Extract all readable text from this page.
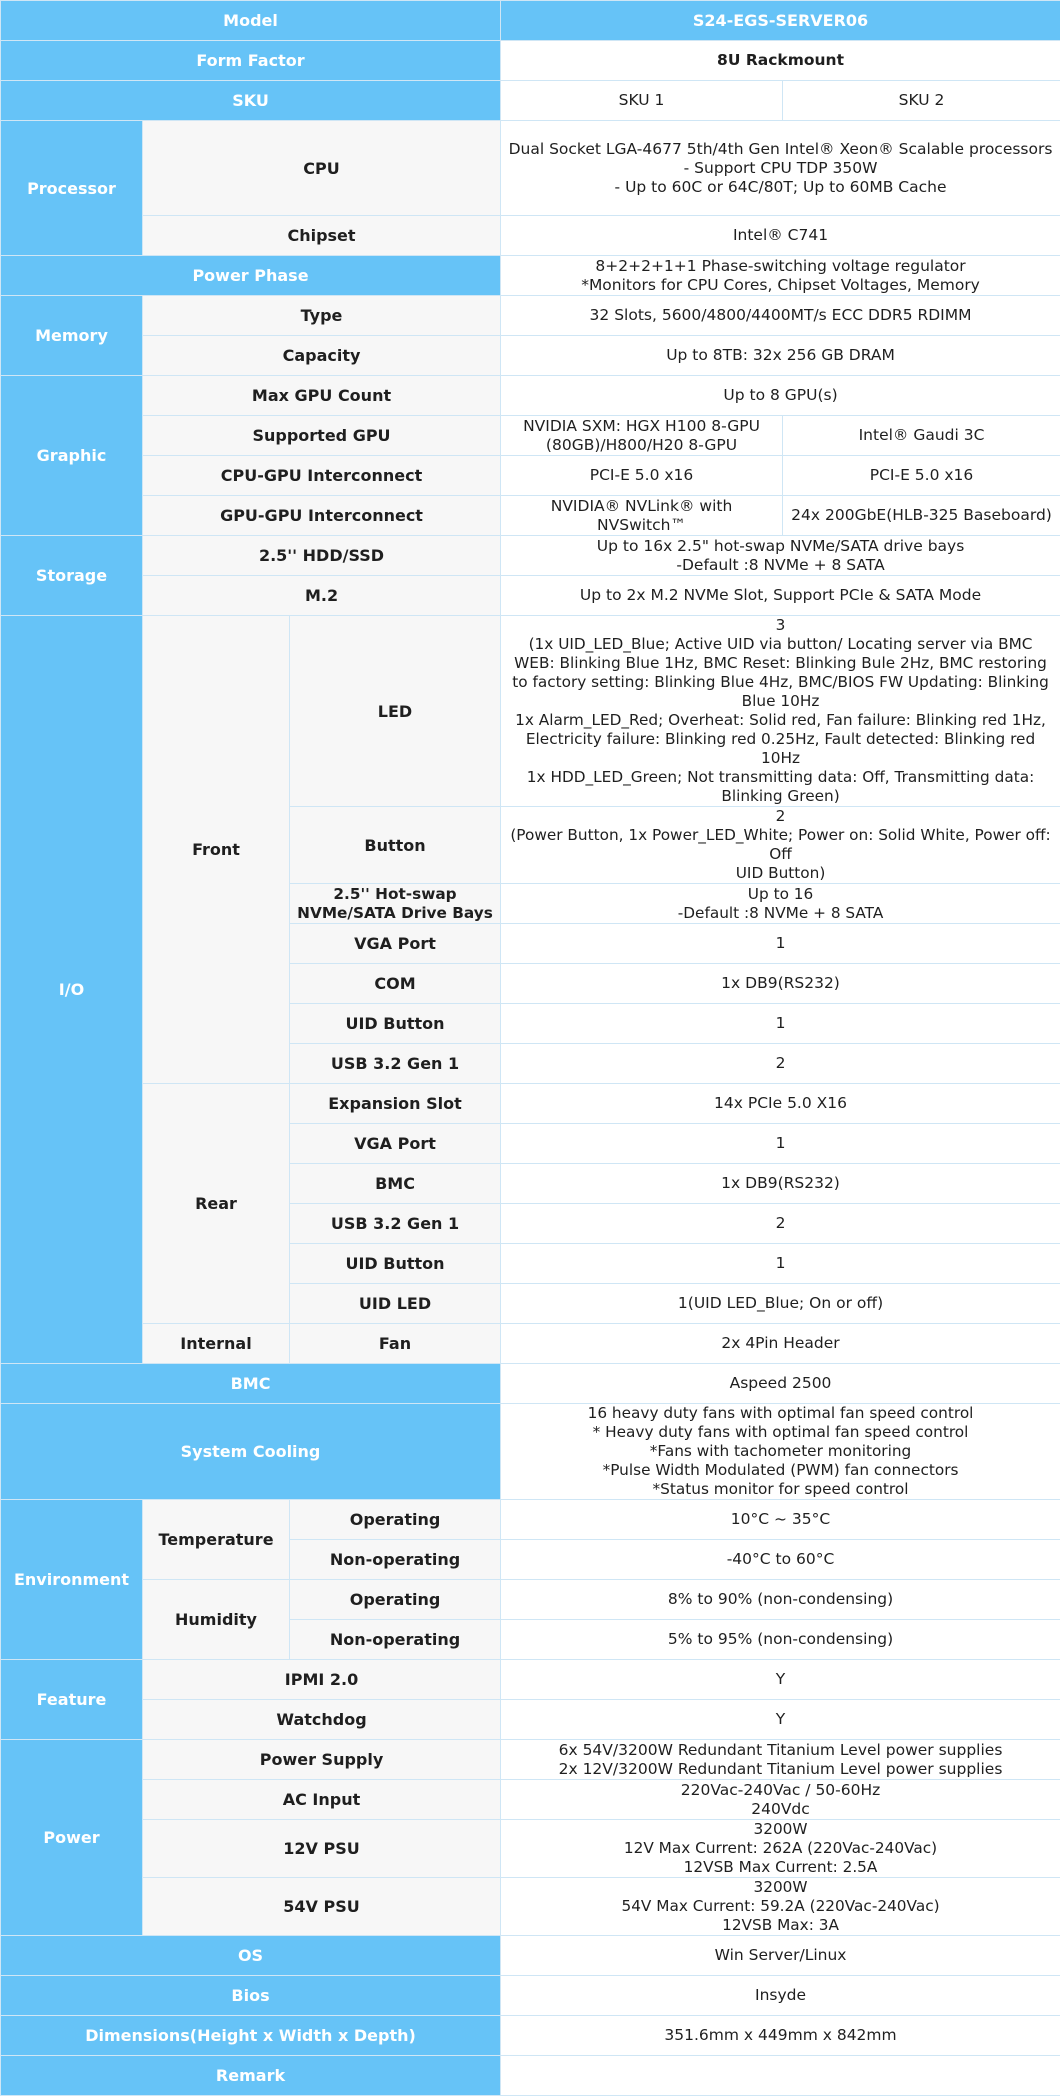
Model			S24-EGS-SERVER06	
Form Factor			8U Rackmount	
SKU			SKU 1	SKU 2
Processor	CPU		Dual Socket LGA-4677 5th/4th Gen Intel® Xeon® Scalable processors
- Support CPU TDP 350W
- Up to 60C or 64C/80T; Up to 60MB Cache	
	Chipset		Intel® C741	
Power Phase			8+2+2+1+1 Phase-switching voltage regulator
*Monitors for CPU Cores, Chipset Voltages, Memory	
Memory	Type		32 Slots, 5600/4800/4400MT/s ECC DDR5 RDIMM	
	Capacity		Up to 8TB: 32x 256 GB DRAM	
Graphic	Max GPU Count		Up to 8 GPU(s)	
	Supported GPU		NVIDIA SXM: HGX H100 8-GPU
(80GB)/H800/H20 8-GPU	Intel® Gaudi 3C
	CPU-GPU Interconnect		PCI-E 5.0 x16	PCI-E 5.0 x16
	GPU-GPU Interconnect		NVIDIA® NVLink® with NVSwitch™	24x 200GbE(HLB-325 Baseboard)
Storage	2.5'' HDD/SSD		Up to 16x 2.5" hot-swap NVMe/SATA drive bays
-Default :8 NVMe + 8 SATA	
	M.2		Up to 2x M.2 NVMe Slot, Support PCIe & SATA Mode	
I/O	Front	LED	3
(1x UID_LED_Blue; Active UID via button/ Locating server via BMC WEB: Blinking Blue 1Hz, BMC Reset: Blinking Bule 2Hz, BMC restoring to factory setting: Blinking Blue 4Hz, BMC/BIOS FW Updating: Blinking Blue 10Hz
1x Alarm_LED_Red; Overheat: Solid red, Fan failure: Blinking red 1Hz, Electricity failure: Blinking red 0.25Hz, Fault detected: Blinking red 10Hz
1x HDD_LED_Green; Not transmitting data: Off, Transmitting data: Blinking Green)	
		Button	2
(Power Button, 1x Power_LED_White; Power on: Solid White, Power off: Off
UID Button)	
		2.5'' Hot-swap
NVMe/SATA Drive Bays	Up to 16
-Default :8 NVMe + 8 SATA	
		VGA Port	1	
		COM	1x DB9(RS232)	
		UID Button	1	
		USB 3.2 Gen 1	2	
	Rear	Expansion Slot	14x PCIe 5.0 X16	
		VGA Port	1	
		BMC	1x DB9(RS232)	
		USB 3.2 Gen 1	2	
		UID Button	1	
		UID LED	1(UID LED_Blue; On or off)	
	Internal	Fan	2x 4Pin Header	
BMC			Aspeed 2500	
System Cooling			16 heavy duty fans with optimal fan speed control
* Heavy duty fans with optimal fan speed control
*Fans with tachometer monitoring
*Pulse Width Modulated (PWM) fan connectors
*Status monitor for speed control	
Environment	Temperature	Operating	10°C ~ 35°C	
		Non-operating	-40°C to 60°C	
	Humidity	Operating	8% to 90% (non-condensing)	
		Non-operating	5% to 95% (non-condensing)	
Feature	IPMI 2.0		Y	
	Watchdog		Y	
Power	Power Supply		6x 54V/3200W Redundant Titanium Level power supplies
2x 12V/3200W Redundant Titanium Level power supplies	
	AC Input		220Vac-240Vac / 50-60Hz
240Vdc	
	12V PSU		3200W
12V Max Current: 262A (220Vac-240Vac)
12VSB Max Current: 2.5A	
	54V PSU		3200W
54V Max Current: 59.2A (220Vac-240Vac)
12VSB Max: 3A	
OS			Win Server/Linux	
Bios			Insyde	
Dimensions(Height x Width x Depth)			351.6mm x 449mm x 842mm	
Remark				
